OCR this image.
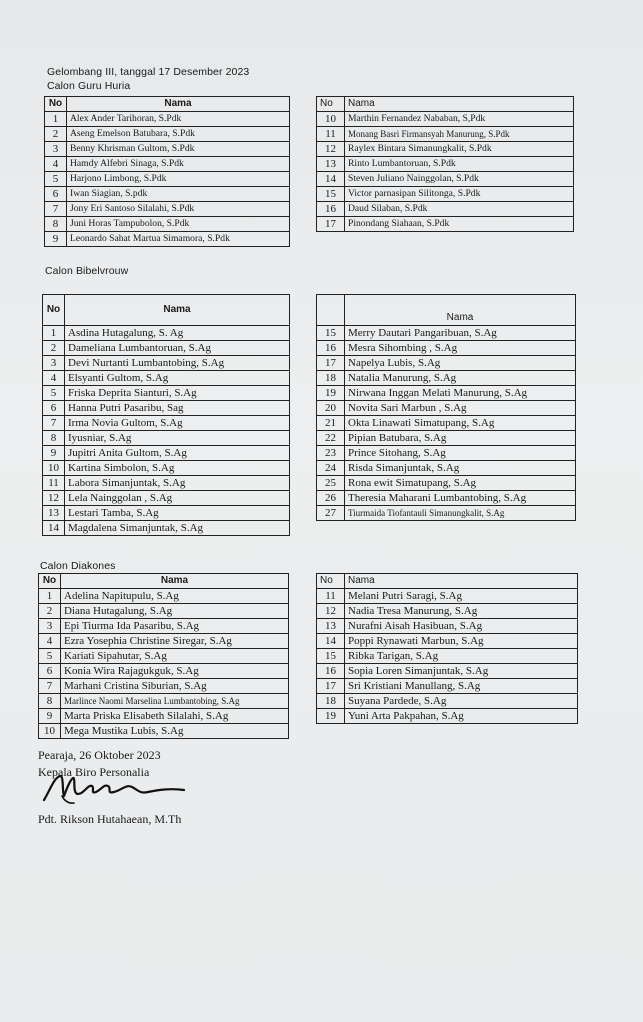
Gelombang III, tanggal 17 Desember 2023
Calon Guru Huria
No	Nama
1	Alex Ander Tarihoran, S.Pdk
2	Aseng Emelson Batubara, S.Pdk
3	Benny Khrisman Gultom, S.Pdk
4	Hamdy Alfebri Sinaga, S.Pdk
5	Harjono Limbong, S.Pdk
6	Iwan Siagian, S.pdk
7	Jony Eri Santoso Silalahi, S.Pdk
8	Juni Horas Tampubolon, S.Pdk
9	Leonardo Sahat Martua Simamora, S.Pdk
No	Nama
10	Marthin Fernandez Nababan, S,Pdk
11	Monang Basri Firmansyah Manurung, S.Pdk
12	Raylex Bintara Simanungkalit, S.Pdk
13	Rinto Lumbantoruan, S.Pdk
14	Steven Juliano Nainggolan, S.Pdk
15	Victor parnasipan Silitonga, S.Pdk
16	Daud Silaban, S.Pdk
17	Pinondang Siahaan, S.Pdk
Calon Bibelvrouw
No	Nama
1	Asdina Hutagalung, S. Ag
2	Dameliana Lumbantoruan, S.Ag
3	Devi Nurtanti Lumbantobing, S.Ag
4	Elsyanti Gultom, S.Ag
5	Friska Deprita Sianturi, S.Ag
6	Hanna Putri Pasaribu, Sag
7	Irma Novia Gultom, S.Ag
8	Iyusniar, S.Ag
9	Jupitri Anita Gultom, S.Ag
10	Kartina Simbolon, S.Ag
11	Labora Simanjuntak, S.Ag
12	Lela Nainggolan , S.Ag
13	Lestari Tamba, S.Ag
14	Magdalena Simanjuntak, S.Ag
	Nama
15	Merry Dautari Pangaribuan, S.Ag
16	Mesra Sihombing , S.Ag
17	Napelya Lubis, S.Ag
18	Natalia Manurung, S.Ag
19	Nirwana Inggan Melati Manurung, S.Ag
20	Novita Sari Marbun , S.Ag
21	Okta Linawati Simatupang, S.Ag
22	Pipian Batubara, S.Ag
23	Prince Sitohang, S.Ag
24	Risda Simanjuntak, S.Ag
25	Rona ewit Simatupang, S.Ag
26	Theresia Maharani Lumbantobing, S.Ag
27	Tiurmaida Tiofantauli Simanungkalit, S.Ag
Calon Diakones
No	Nama
1	Adelina Napitupulu, S.Ag
2	Diana Hutagalung, S.Ag
3	Epi Tiurma Ida Pasaribu, S.Ag
4	Ezra Yosephia Christine Siregar, S.Ag
5	Kariati Sipahutar, S.Ag
6	Konia Wira Rajagukguk, S.Ag
7	Marhani Cristina Siburian, S.Ag
8	Marlince Naomi Marselina Lumbantobing, S.Ag
9	Marta Priska Elisabeth Silalahi, S.Ag
10	Mega Mustika Lubis, S.Ag
No	Nama
11	Melani Putri Saragi, S.Ag
12	Nadia Tresa Manurung, S.Ag
13	Nurafni Aisah Hasibuan, S.Ag
14	Poppi Rynawati Marbun, S.Ag
15	Ribka Tarigan, S.Ag
16	Sopia Loren Simanjuntak, S.Ag
17	Sri Kristiani Manullang, S.Ag
18	Suyana Pardede, S.Ag
19	Yuni Arta Pakpahan, S.Ag
Pearaja, 26 Oktober 2023
Kepala Biro Personalia
Pdt. Rikson Hutahaean, M.Th
